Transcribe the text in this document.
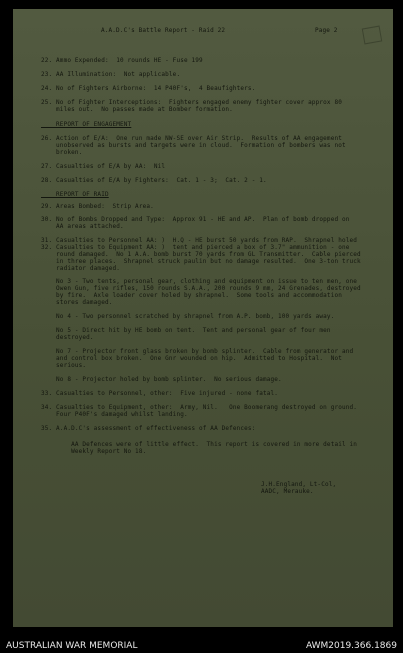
A.A.D.C's Battle Report - Raid 22	Page 2
22. Ammo Expended:  10 rounds HE - Fuse 199
23. AA Illumination:  Not applicable.
24. No of Fighters Airborne:  14 P40F's,  4 Beaufighters.
25. No of Fighter Interceptions:  Fighters engaged enemy fighter cover approx 80
miles out.  No passes made at Bomber formation.
REPORT OF ENGAGEMENT
26. Action of E/A:  One run made NW-SE over Air Strip.  Results of AA engagement
unobserved as bursts and targets were in cloud.  Formation of bombers was not
broken.
27. Casualties of E/A by AA:  Nil
28. Casualties of E/A by Fighters:  Cat. 1 - 3;  Cat. 2 - 1.
REPORT OF RAID
29. Areas Bombed:  Strip Area.
30. No of Bombs Dropped and Type:  Approx 91 - HE and AP.  Plan of bomb dropped on
AA areas attached.
31. Casualties to Personnel AA: )  H.Q - HE burst 50 yards from RAP.  Shrapnel holed
32. Casualties to Equipment AA: )  tent and pierced a box of 3.7" ammunition - one
round damaged.  No 1 A.A. bomb burst 70 yards from GL Transmitter.  Cable pierced
in three places.  Shrapnel struck paulin but no damage resulted.  One 3-ton truck
radiator damaged.
No 3 - Two tents, personal gear, clothing and equipment on issue to ten men, one
Owen Gun, five rifles, 150 rounds S.A.A., 200 rounds 9 mm, 24 Grenades, destroyed
by fire.  Axle loader cover holed by shrapnel.  Some tools and accommodation
stores damaged.
No 4 - Two personnel scratched by shrapnel from A.P. bomb, 100 yards away.
No 5 - Direct hit by HE bomb on tent.  Tent and personal gear of four men
destroyed.
No 7 - Projector front glass broken by bomb splinter.  Cable from generator and
and control box broken.  One Gnr wounded on hip.  Admitted to Hospital.  Not
serious.
No 8 - Projector holed by bomb splinter.  No serious damage.
33. Casualties to Personnel, other:  Five injured - none fatal.
34. Casualties to Equipment, other:  Army, Nil.   One Boomerang destroyed on ground.
Four P40F's damaged whilst landing.
35. A.A.D.C's assessment of effectiveness of AA Defences:
AA Defences were of little effect.  This report is covered in more detail in
Weekly Report No 18.
J.H.England, Lt-Col,
AADC, Merauke.
AUSTRALIAN WAR MEMORIAL	AWM2019.366.1869
